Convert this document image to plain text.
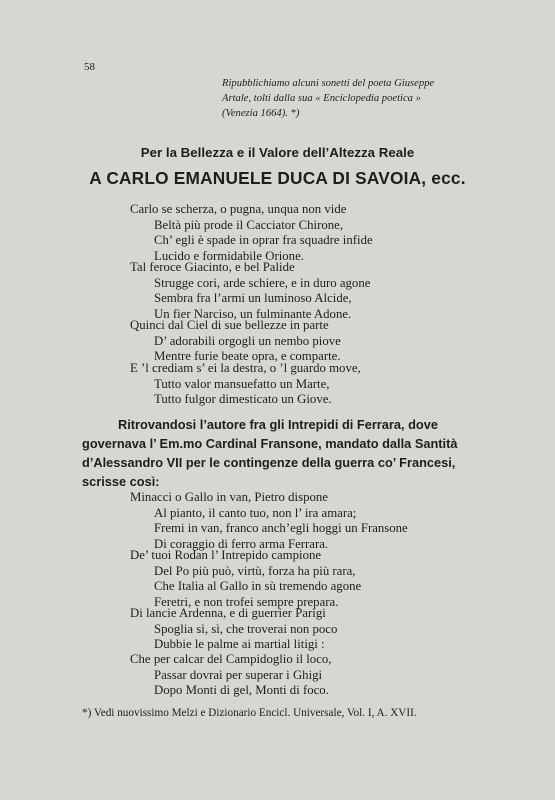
58
Ripubblichiamo alcuni sonetti del poeta Giuseppe
Artale, tolti dalla sua « Enciclopedia poetica »
(Venezia 1664). *)
Per la Bellezza e il Valore dell’Altezza Reale
A CARLO EMANUELE DUCA DI SAVOIA, ecc.
Carlo se scherza, o pugna, unqua non vide
Beltà più prode il Cacciator Chirone,
Ch’ egli è spade in oprar fra squadre infide
Lucido e formidabile Orione.
Tal feroce Giacinto, e bel Palide
Strugge cori, arde schiere, e in duro agone
Sembra fra l’armi un luminoso Alcide,
Un fier Narciso, un fulminante Adone.
Quinci dal Ciel di sue bellezze in parte
D’ adorabili orgogli un nembo piove
Mentre furie beate opra, e comparte.
E ’l crediam s’ ei la destra, o ’l guardo move,
Tutto valor mansuefatto un Marte,
Tutto fulgor dimesticato un Giove.
Ritrovandosi l’autore fra gli Intrepidi di Ferrara, dove
governava l’ Em.mo Cardinal Fransone, mandato dalla Santità
d’Alessandro VII per le contingenze della guerra co’ Francesi,
scrisse così:
Minacci o Gallo in van, Pietro dispone
Al pianto, il canto tuo, non l’ ira amara;
Fremi in van, franco anch’egli hoggi un Fransone
Di coraggio di ferro arma Ferrara.
De’ tuoi Rodan l’ Intrepido campione
Del Po più può, virtù, forza ha più rara,
Che Italia al Gallo in sù tremendo agone
Feretri, e non trofei sempre prepara.
Di lancie Ardenna, e di guerrier Parigi
Spoglia sì, sì, che troverai non poco
Dubbie le palme ai martial litigi :
Che per calcar del Campidoglio il loco,
Passar dovrai per superar i Ghigi
Dopo Monti di gel, Monti di foco.
*) Vedi nuovissimo Melzi e Dizionario Encicl. Universale, Vol. I, A. XVII.
